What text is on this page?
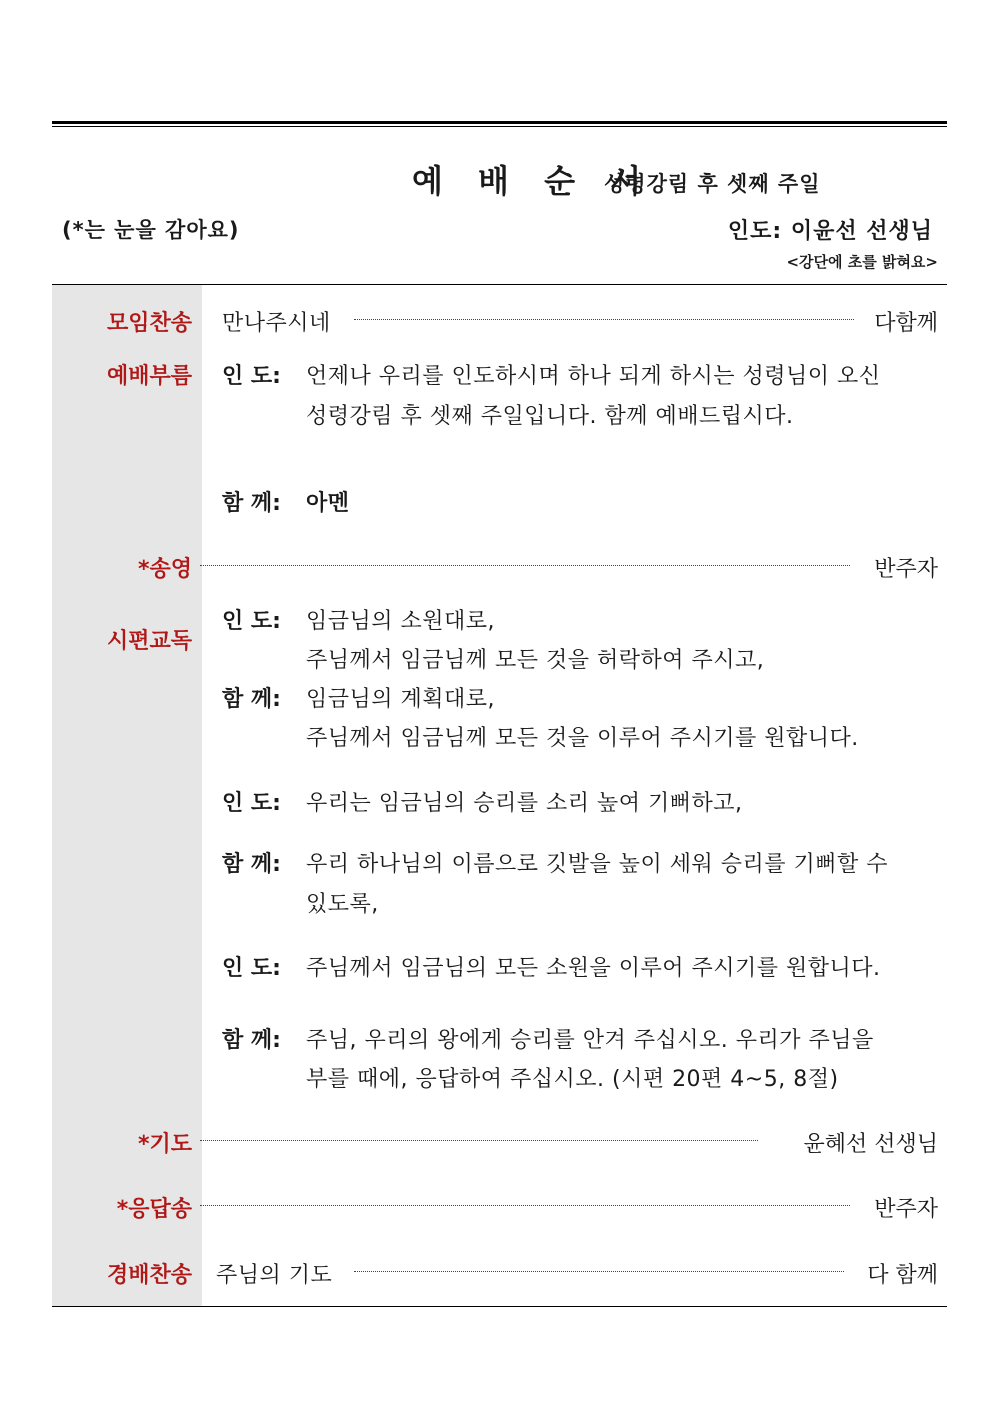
예 배 순 서
성령강림 후 셋째 주일
(*는 눈을 감아요)	인도: 이윤선 선생님
<강단에 초를 밝혀요>
모임찬송 만나주시네	다함께
예배부름 인 도: 언제나 우리를 인도하시며 하나 되게 하시는 성령님이 오신
성령강림 후 셋째 주일입니다. 함께 예배드립시다.
함 께: 아멘
*송영	반주자
시편교독
인 도: 임금님의 소원대로,
주님께서 임금님께 모든 것을 허락하여 주시고,
함 께: 임금님의 계획대로,
주님께서 임금님께 모든 것을 이루어 주시기를 원합니다.
인 도: 우리는 임금님의 승리를 소리 높여 기뻐하고,
함 께: 우리 하나님의 이름으로 깃발을 높이 세워 승리를 기뻐할 수
있도록,
인 도: 주님께서 임금님의 모든 소원을 이루어 주시기를 원합니다.
함 께: 주님, 우리의 왕에게 승리를 안겨 주십시오. 우리가 주님을
부를 때에, 응답하여 주십시오. (시편 20편 4~5, 8절)
*기도	윤혜선 선생님
*응답송	반주자
경배찬송 주님의 기도	다 함께
